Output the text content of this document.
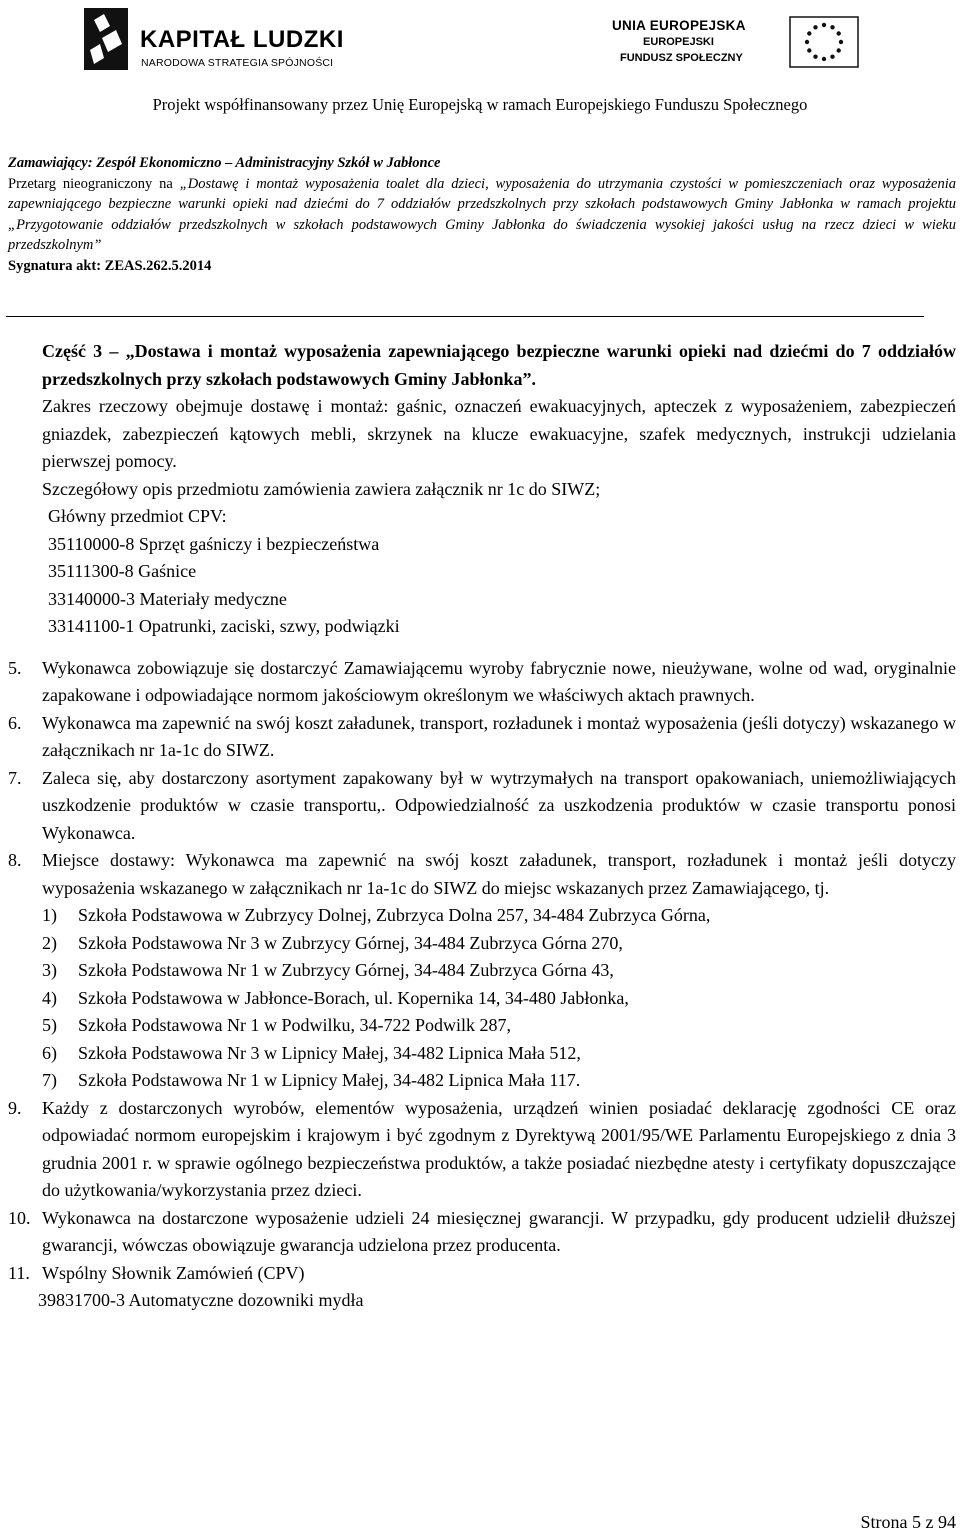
KAPITAŁ LUDZKI
NARODOWA STRATEGIA SPÓJNOŚCI
UNIA EUROPEJSKA
EUROPEJSKI
FUNDUSZ SPOŁECZNY
Projekt współfinansowany przez Unię Europejską w ramach Europejskiego Funduszu Społecznego
Zamawiający: Zespół Ekonomiczno – Administracyjny Szkół w Jabłonce
Przetarg nieograniczony na „Dostawę i montaż wyposażenia toalet dla dzieci, wyposażenia do utrzymania czystości w pomieszczeniach oraz wyposażenia zapewniającego bezpieczne warunki opieki nad dziećmi do 7 oddziałów przedszkolnych przy szkołach podstawowych Gminy Jabłonka w ramach projektu „Przygotowanie oddziałów przedszkolnych w szkołach podstawowych Gminy Jabłonka do świadczenia wysokiej jakości usług na rzecz dzieci w wieku przedszkolnym”
Sygnatura akt: ZEAS.262.5.2014

Część 3 – „Dostawa i montaż wyposażenia zapewniającego bezpieczne warunki opieki nad dziećmi do 7 oddziałów przedszkolnych przy szkołach podstawowych Gminy Jabłonka”.

Zakres rzeczowy obejmuje dostawę i montaż: gaśnic, oznaczeń ewakuacyjnych, apteczek z wyposażeniem, zabezpieczeń gniazdek, zabezpieczeń kątowych mebli, skrzynek na klucze ewakuacyjne, szafek medycznych, instrukcji udzielania pierwszej pomocy.

Szczegółowy opis przedmiotu zamówienia zawiera załącznik nr 1c do SIWZ;

Główny przedmiot CPV:

35110000-8 Sprzęt gaśniczy i bezpieczeństwa

35111300-8 Gaśnice

33140000-3 Materiały medyczne

33141100-1 Opatrunki, zaciski, szwy, podwiązki

5.	Wykonawca zobowiązuje się dostarczyć Zamawiającemu wyroby fabrycznie nowe, nieużywane, wolne od wad, oryginalnie zapakowane i odpowiadające normom jakościowym określonym we właściwych aktach prawnych.
6.	Wykonawca ma zapewnić na swój koszt załadunek, transport, rozładunek i montaż wyposażenia (jeśli dotyczy) wskazanego w załącznikach nr 1a-1c do SIWZ.
7.	Zaleca się, aby dostarczony asortyment zapakowany był w wytrzymałych na transport opakowaniach, uniemożliwiających uszkodzenie produktów w czasie transportu,. Odpowiedzialność za uszkodzenia produktów w czasie transportu ponosi Wykonawca.
8.	Miejsce dostawy: Wykonawca ma zapewnić na swój koszt załadunek, transport, rozładunek i montaż jeśli dotyczy wyposażenia wskazanego w załącznikach nr 1a-1c do SIWZ do miejsc wskazanych przez Zamawiającego, tj.
1) Szkoła Podstawowa w Zubrzycy Dolnej, Zubrzyca Dolna 257, 34-484 Zubrzyca Górna,
2) Szkoła Podstawowa Nr 3 w Zubrzycy Górnej, 34-484 Zubrzyca Górna 270,
3) Szkoła Podstawowa Nr 1 w Zubrzycy Górnej, 34-484 Zubrzyca Górna 43,
4) Szkoła Podstawowa w Jabłonce-Borach, ul. Kopernika 14, 34-480 Jabłonka,
5) Szkoła Podstawowa Nr 1 w Podwilku, 34-722 Podwilk 287,
6) Szkoła Podstawowa Nr 3 w Lipnicy Małej, 34-482 Lipnica Mała 512,
7) Szkoła Podstawowa Nr 1 w Lipnicy Małej, 34-482 Lipnica Mała 117.
9.	Każdy z dostarczonych wyrobów, elementów wyposażenia, urządzeń winien posiadać deklarację zgodności CE oraz odpowiadać normom europejskim i krajowym i być zgodnym z Dyrektywą 2001/95/WE Parlamentu Europejskiego z dnia 3 grudnia 2001 r. w sprawie ogólnego bezpieczeństwa produktów, a także posiadać niezbędne atesty i certyfikaty dopuszczające do użytkowania/wykorzystania przez dzieci.
10. Wykonawca na dostarczone wyposażenie udzieli 24 miesięcznej gwarancji. W przypadku, gdy producent udzielił dłuższej gwarancji, wówczas obowiązuje gwarancja udzielona przez producenta.
11. Wspólny Słownik Zamówień (CPV)
39831700-3 Automatyczne dozowniki mydła
Strona 5 z 94
